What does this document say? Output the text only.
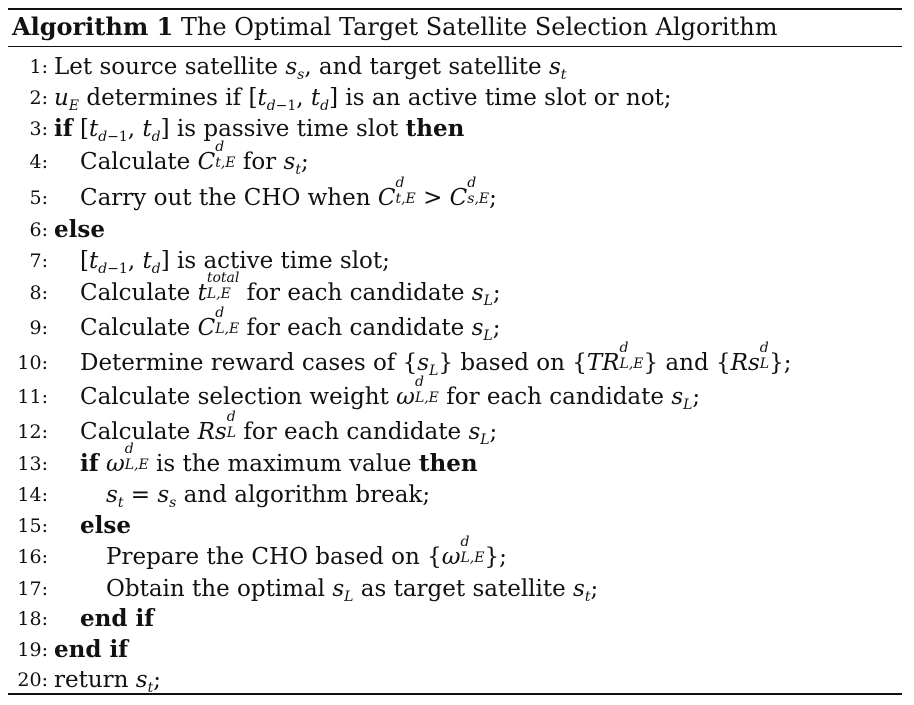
Algorithm 1 The Optimal Target Satellite Selection Algorithm
1: Let source satellite $s_s$, and target satellite $s_t$
2: $u_E$ determines if [$t_{d-1}$, $t_d$] is an active time slot or not;
3: if [$t_{d-1}$, $t_d$] is passive time slot then
4: Calculate C
d
t,E for $s_t$;
5: Carry out the CHO when C
d
t,E > C
d
s,E ;
6: else
7: [$t_{d-1}$, $t_d$] is active time slot;
8: Calculate t
total
L,E for each candidate $s_L$;
9: Calculate C
d
L,E for each candidate $s_L$;
10: Determine reward cases of $\{s_L\}$ based on {TR
d
L,E } and {Rs
d
L };
11: Calculate selection weight ω
d
L,E for each candidate $s_L$;
12: Calculate Rs
d
L for each candidate $s_L$;
13: if ω
d
L,E is the maximum value then
14:	$s_t = s_s$ and algorithm break;
15: else
16:	Prepare the CHO based on {ω
d
L,E };
17:	Obtain the optimal $s_L$ as target satellite $s_t$;
18: end if
19: end if
20: return $s_t$;
